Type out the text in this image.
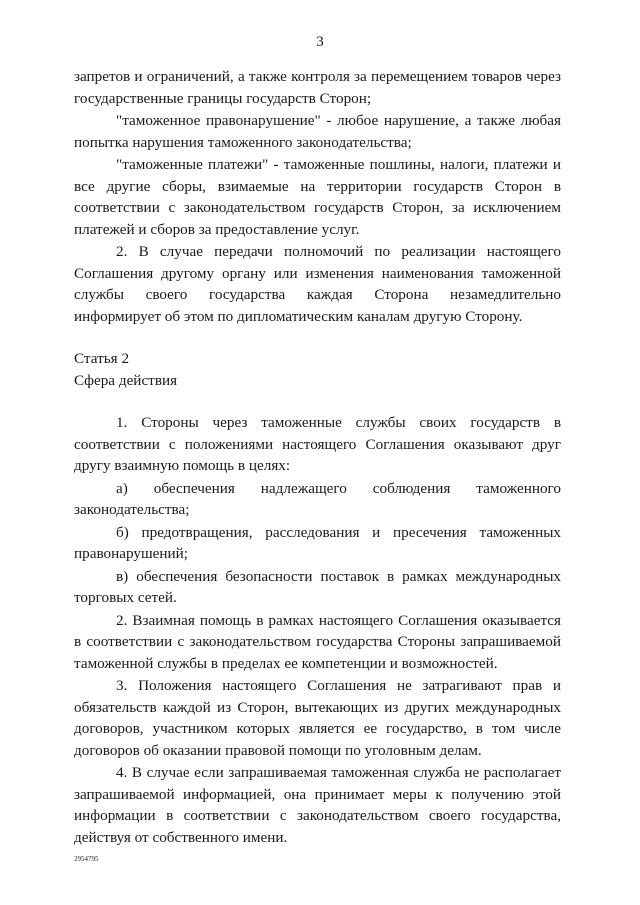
3

запретов и ограничений, а также контроля за перемещением товаров через государственные границы государств Сторон;

"таможенное правонарушение" - любое нарушение, а также любая попытка нарушения таможенного законодательства;

"таможенные платежи" - таможенные пошлины, налоги, платежи и все другие сборы, взимаемые на территории государств Сторон в соответствии с законодательством государств Сторон, за исключением платежей и сборов за предоставление услуг.

2. В случае передачи полномочий по реализации настоящего Соглашения другому органу или изменения наименования таможенной службы своего государства каждая Сторона незамедлительно информирует об этом по дипломатическим каналам другую Сторону.

Статья 2

Сфера действия

1. Стороны через таможенные службы своих государств в соответствии с положениями настоящего Соглашения оказывают друг другу взаимную помощь в целях:

а) обеспечения надлежащего соблюдения таможенного законодательства;

б) предотвращения, расследования и пресечения таможенных правонарушений;

в) обеспечения безопасности поставок в рамках международных торговых сетей.

2. Взаимная помощь в рамках настоящего Соглашения оказывается в соответствии с законодательством государства Стороны запрашиваемой таможенной службы в пределах ее компетенции и возможностей.

3. Положения настоящего Соглашения не затрагивают прав и обязательств каждой из Сторон, вытекающих из других международных договоров, участником которых является ее государство, в том числе договоров об оказании правовой помощи по уголовным делам.

4. В случае если запрашиваемая таможенная служба не располагает запрашиваемой информацией, она принимает меры к получению этой информации в соответствии с законодательством своего государства, действуя от собственного имени.

2954795
